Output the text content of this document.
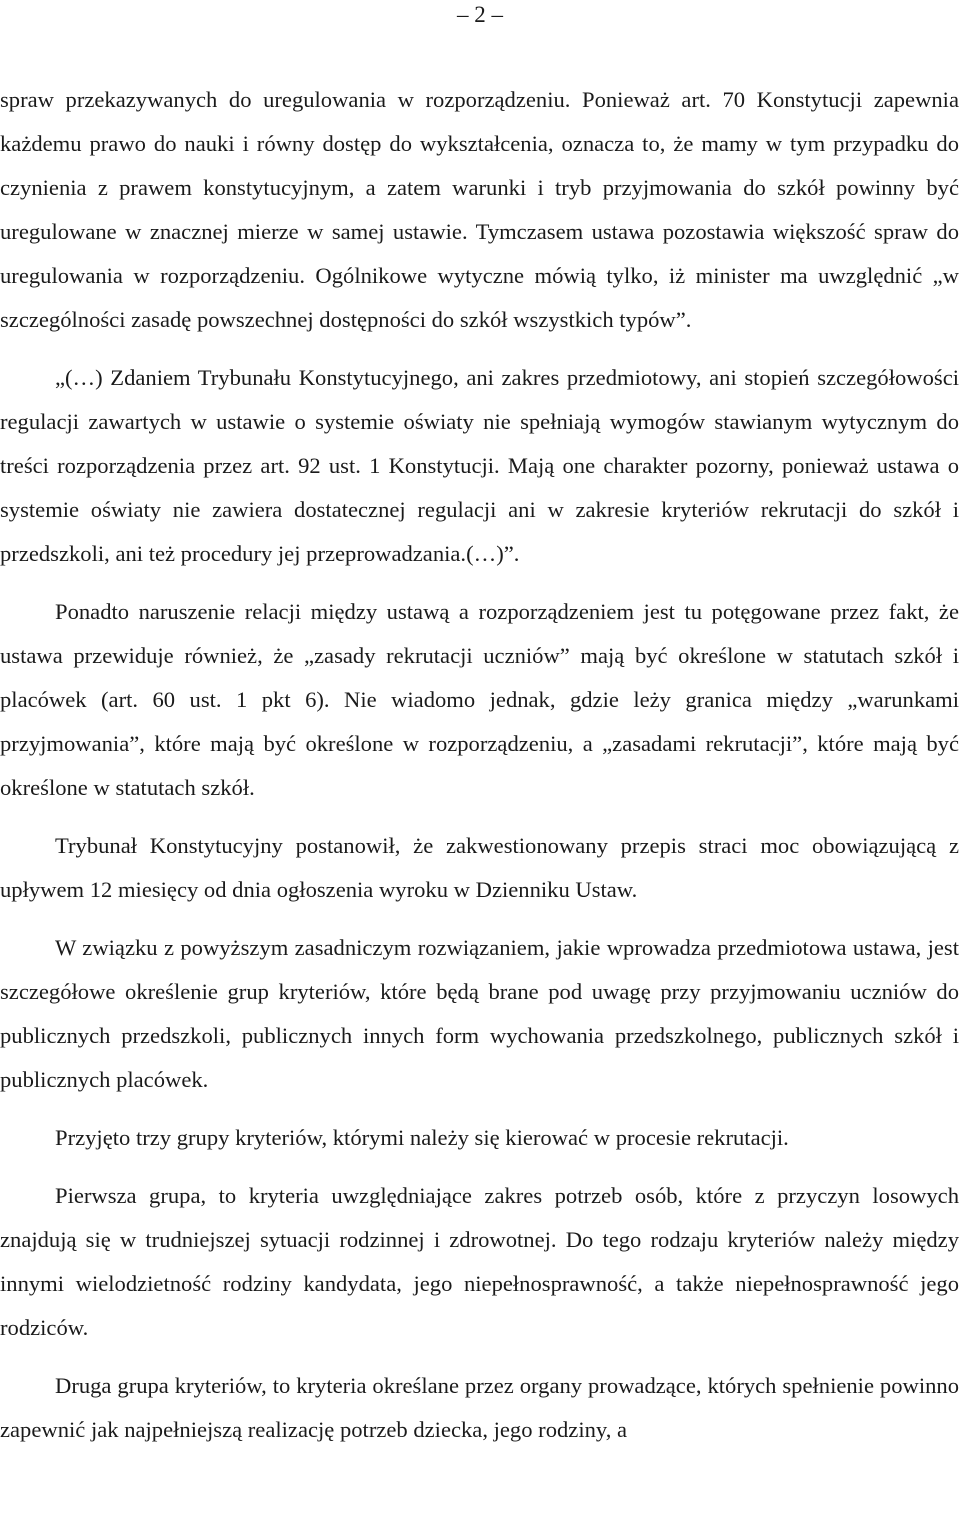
– 2 –

spraw przekazywanych do uregulowania w rozporządzeniu. Ponieważ art. 70 Konstytucji zapewnia każdemu prawo do nauki i równy dostęp do wykształcenia, oznacza to, że mamy w tym przypadku do czynienia z prawem konstytucyjnym, a zatem warunki i tryb przyjmowania do szkół powinny być uregulowane w znacznej mierze w samej ustawie. Tymczasem ustawa pozostawia większość spraw do uregulowania w rozporządzeniu. Ogólnikowe wytyczne mówią tylko, iż minister ma uwzględnić „w szczególności zasadę powszechnej dostępności do szkół wszystkich typów”.

„(…) Zdaniem Trybunału Konstytucyjnego, ani zakres przedmiotowy, ani stopień szczegółowości regulacji zawartych w ustawie o systemie oświaty nie spełniają wymogów stawianym wytycznym do treści rozporządzenia przez art. 92 ust. 1 Konstytucji. Mają one charakter pozorny, ponieważ ustawa o systemie oświaty nie zawiera dostatecznej regulacji ani w zakresie kryteriów rekrutacji do szkół i przedszkoli, ani też procedury jej przeprowadzania.(…)”.

Ponadto naruszenie relacji między ustawą a rozporządzeniem jest tu potęgowane przez fakt, że ustawa przewiduje również, że „zasady rekrutacji uczniów” mają być określone w statutach szkół i placówek (art. 60 ust. 1 pkt 6). Nie wiadomo jednak, gdzie leży granica między „warunkami przyjmowania”, które mają być określone w rozporządzeniu, a „zasadami rekrutacji”, które mają być określone w statutach szkół.

Trybunał Konstytucyjny postanowił, że zakwestionowany przepis straci moc obowiązującą z upływem 12 miesięcy od dnia ogłoszenia wyroku w Dzienniku Ustaw.

W związku z powyższym zasadniczym rozwiązaniem, jakie wprowadza przedmiotowa ustawa, jest szczegółowe określenie grup kryteriów, które będą brane pod uwagę przy przyjmowaniu uczniów do publicznych przedszkoli, publicznych innych form wychowania przedszkolnego, publicznych szkół i publicznych placówek.

Przyjęto trzy grupy kryteriów, którymi należy się kierować w procesie rekrutacji.

Pierwsza grupa, to kryteria uwzględniające zakres potrzeb osób, które z przyczyn losowych znajdują się w trudniejszej sytuacji rodzinnej i zdrowotnej. Do tego rodzaju kryteriów należy między innymi wielodzietność rodziny kandydata, jego niepełnosprawność, a także niepełnosprawność jego rodziców.

Druga grupa kryteriów, to kryteria określane przez organy prowadzące, których spełnienie powinno zapewnić jak najpełniejszą realizację potrzeb dziecka, jego rodziny, a
